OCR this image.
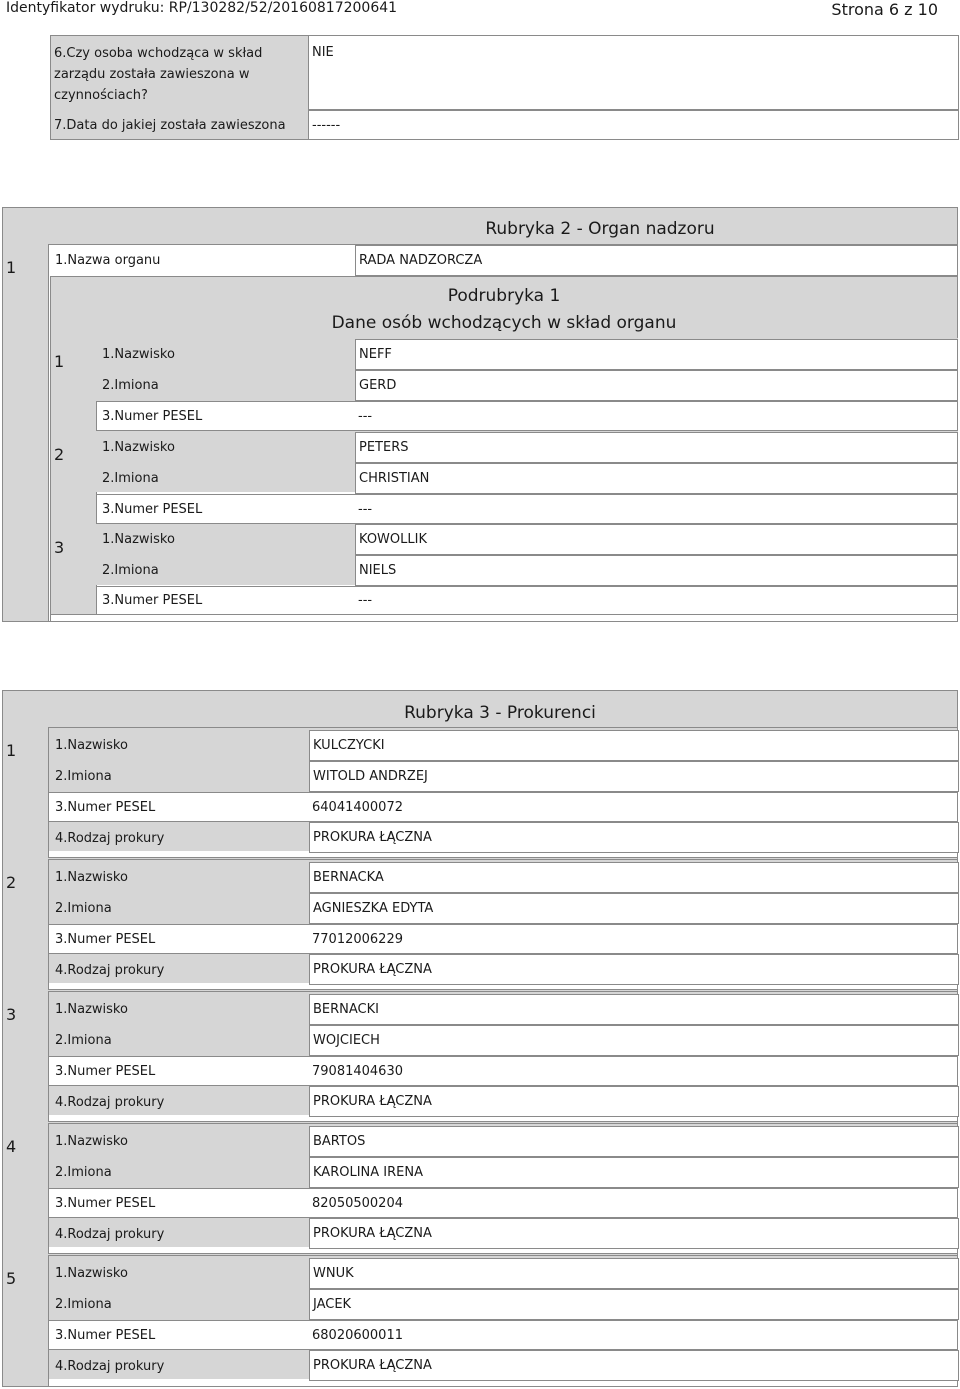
Identyfikator wydruku: RP/130282/52/20160817200641	Strona 6 z 10
6.Czy osoba wchodząca w skład zarządu została zawieszona w czynnościach?
NIE
7.Data do jakiej została zawieszona ------
Rubryka 2 - Organ nadzoru
1	1.Nazwa organu	RADA NADZORCZA
Podrubryka 1
Dane osób wchodzących w skład organu
1	1.Nazwisko	NEFF
2.Imiona	GERD
3.Numer PESEL	---
2	1.Nazwisko	PETERS
2.Imiona	CHRISTIAN
3.Numer PESEL	---
3	1.Nazwisko	KOWOLLIK
2.Imiona	NIELS
3.Numer PESEL	---
Rubryka 3 - Prokurenci
1	1.Nazwisko	KULCZYCKI
2.Imiona	WITOLD ANDRZEJ
3.Numer PESEL	64041400072
4.Rodzaj prokury	PROKURA ŁĄCZNA
2	1.Nazwisko	BERNACKA
2.Imiona	AGNIESZKA EDYTA
3.Numer PESEL	77012006229
4.Rodzaj prokury	PROKURA ŁĄCZNA
3	1.Nazwisko	BERNACKI
2.Imiona	WOJCIECH
3.Numer PESEL	79081404630
4.Rodzaj prokury	PROKURA ŁĄCZNA
4	1.Nazwisko	BARTOS
2.Imiona	KAROLINA IRENA
3.Numer PESEL	82050500204
4.Rodzaj prokury	PROKURA ŁĄCZNA
5	1.Nazwisko	WNUK
2.Imiona	JACEK
3.Numer PESEL	68020600011
4.Rodzaj prokury	PROKURA ŁĄCZNA
